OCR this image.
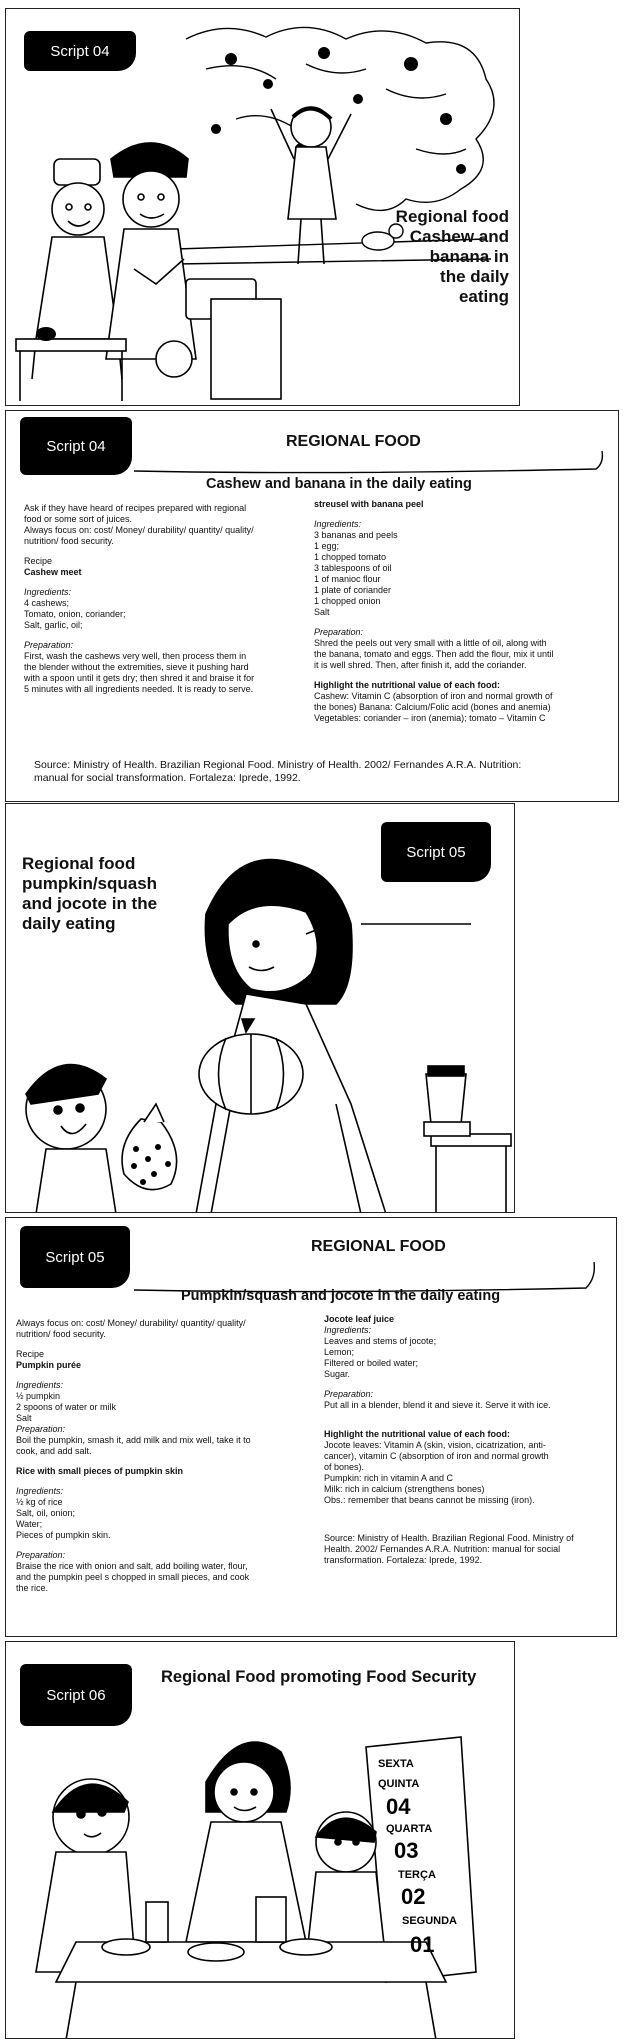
Script 04
Regional food
Cashew and
banana in
the daily
eating
Script 04	REGIONAL FOOD
Cashew and banana in the daily eating

Ask if they have heard of recipes prepared with regional

food or some sort of juices.

Always focus on: cost/ Money/ durability/ quantity/ quality/

nutrition/ food security.

Recipe

Cashew meet

Ingredients:

4 cashews;

Tomato, onion, coriander;

Salt, garlic, oil;

Preparation:

First, wash the cashews very well, then process them in

the blender without the extremities, sieve it pushing hard

with a spoon until it gets dry; then shred it and braise it for

5 minutes with all ingredients needed. It is ready to serve.

streusel with banana peel

Ingredients:

3 bananas and peels

1 egg;

1 chopped tomato

3 tablespoons of oil

1 of manioc flour

1 plate of coriander

1 chopped onion

Salt

Preparation:

Shred the peels out very small with a little of oil, along with

the banana, tomato and eggs. Then add the flour, mix it until

it is well shred. Then, after finish it, add the coriander.

Highlight the nutritional value of each food:

Cashew: Vitamin C (absorption of iron and normal growth of

the bones) Banana: Calcium/Folic acid (bones and anemia)

Vegetables: coriander – iron (anemia); tomato – Vitamin C

Source: Ministry of Health. Brazilian Regional Food. Ministry of Health. 2002/ Fernandes A.R.A. Nutrition:
manual for social transformation. Fortaleza: Iprede, 1992.
Script 05
Regional food
pumpkin/squash
and jocote in the
daily eating
Script 05
REGIONAL FOOD
Pumpkin/squash and jocote in the daily eating

Always focus on: cost/ Money/ durability/ quantity/ quality/

nutrition/ food security.

Recipe

Pumpkin purée

Ingredients:

½ pumpkin

2 spoons of water or milk

Salt

Preparation:

Boil the pumpkin, smash it, add milk and mix well, take it to

cook, and add salt.

Rice with small pieces of pumpkin skin

Ingredients:

½ kg of rice

Salt, oil, onion;

Water;

Pieces of pumpkin skin.

Preparation:

Braise the rice with onion and salt, add boiling water, flour,

and the pumpkin peel s chopped in small pieces, and cook

the rice.

Jocote leaf juice

Ingredients:

Leaves and stems of jocote;

Lemon;

Filtered or boiled water;

Sugar.

Preparation:

Put all in a blender, blend it and sieve it. Serve it with ice.

Highlight the nutritional value of each food:

Jocote leaves: Vitamin A (skin, vision, cicatrization, anti-

cancer), vitamin C (absorption of iron and normal growth

of bones).

Pumpkin: rich in vitamin A and C

Milk: rich in calcium (strengthens bones)

Obs.: remember that beans cannot be missing (iron).

Source: Ministry of Health. Brazilian Regional Food. Ministry of

Health. 2002/ Fernandes A.R.A. Nutrition: manual for social

transformation. Fortaleza: Iprede, 1992.

Script 06
Regional Food promoting Food Security
SEXTA
QUINTA
04
QUARTA
03
TERÇA
02
SEGUNDA
01
